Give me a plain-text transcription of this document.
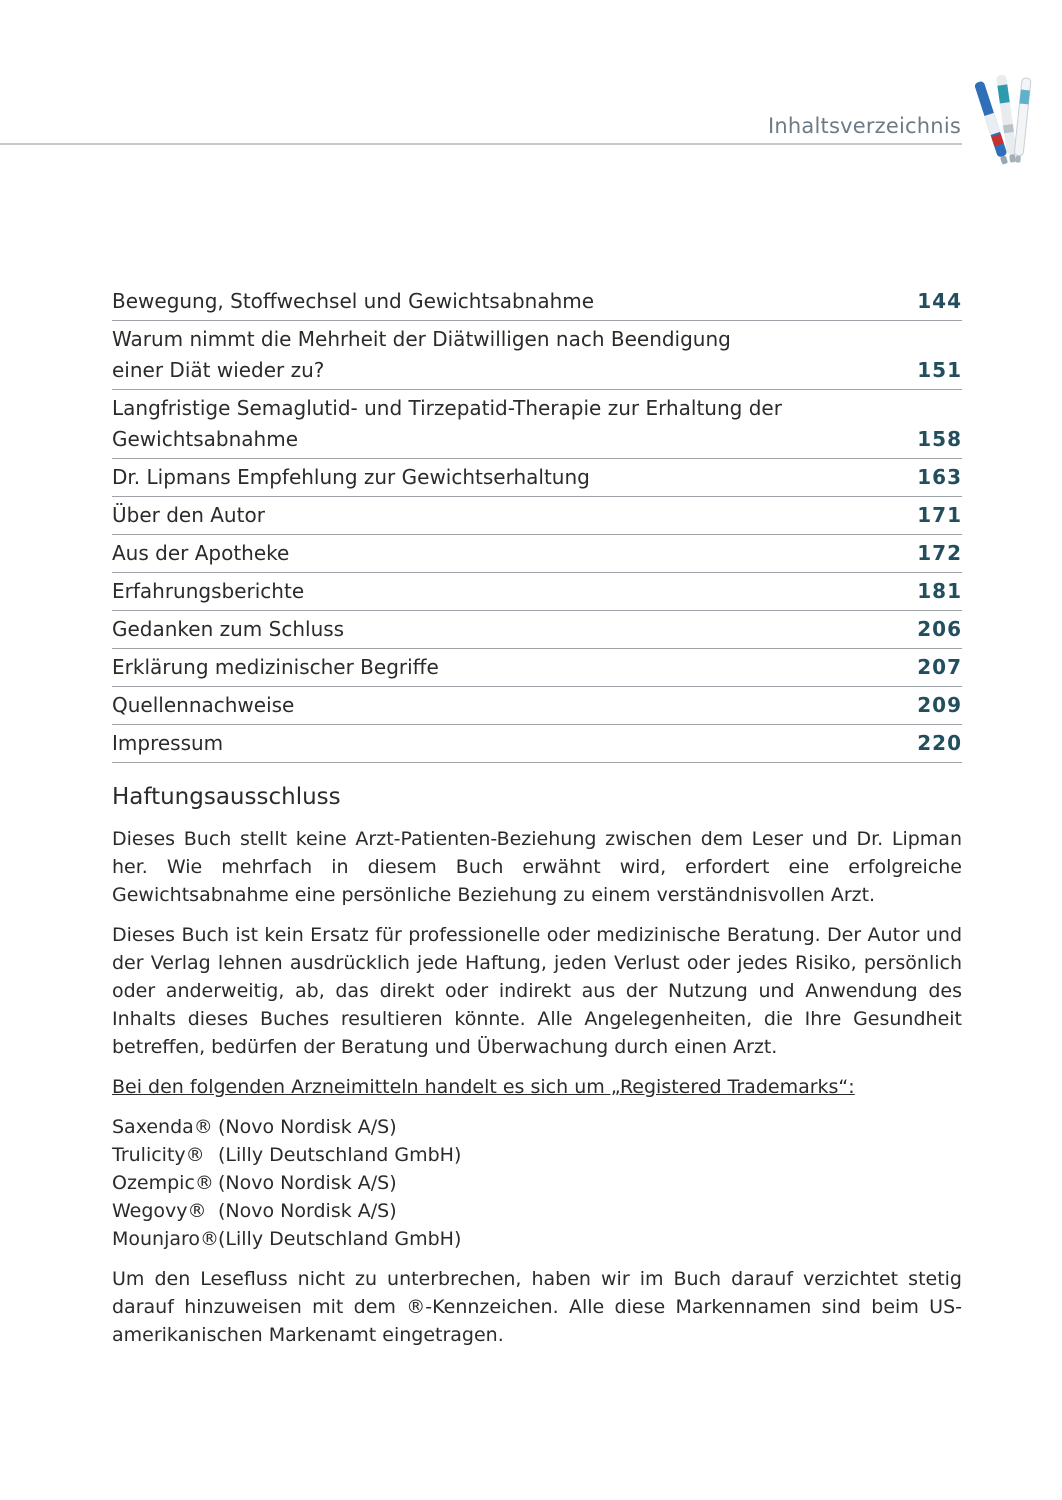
Inhaltsverzeichnis
Bewegung, Stoffwechsel und Gewichtsabnahme	144
Warum nimmt die Mehrheit der Diätwilligen nach Beendigung
einer Diät wieder zu?	151
Langfristige Semaglutid- und Tirzepatid-Therapie zur Erhaltung der
Gewichtsabnahme	158
Dr. Lipmans Empfehlung zur Gewichtserhaltung	163
Über den Autor	171
Aus der Apotheke	172
Erfahrungsberichte	181
Gedanken zum Schluss	206
Erklärung medizinischer Begriffe	207
Quellennachweise	209
Impressum	220
Haftungsausschluss

Dieses Buch stellt keine Arzt-Patienten-Beziehung zwischen dem Leser und Dr. Lipman her. Wie mehrfach in diesem Buch erwähnt wird, erfordert eine erfolgreiche Gewichtsabnahme eine persönliche Beziehung zu einem verständnisvollen Arzt.

Dieses Buch ist kein Ersatz für professionelle oder medizinische Beratung. Der Autor und der Verlag lehnen ausdrücklich jede Haftung, jeden Verlust oder jedes Risiko, persönlich oder anderweitig, ab, das direkt oder indirekt aus der Nutzung und Anwendung des Inhalts dieses Buches resultieren könnte. Alle Angelegenheiten, die Ihre Gesundheit betreffen, bedürfen der Beratung und Überwachung durch einen Arzt.

Bei den folgenden Arzneimitteln handelt es sich um „Registered Trademarks“:

Saxenda® (Novo Nordisk A/S)
Trulicity® (Lilly Deutschland GmbH)
Ozempic® (Novo Nordisk A/S)
Wegovy® (Novo Nordisk A/S)
Mounjaro®
(Lilly Deutschland GmbH)

Um den Lesefluss nicht zu unterbrechen, haben wir im Buch darauf verzichtet stetig darauf hinzuweisen mit dem ®-Kennzeichen. Alle diese Markennamen sind beim US-amerikanischen Markenamt eingetragen.
